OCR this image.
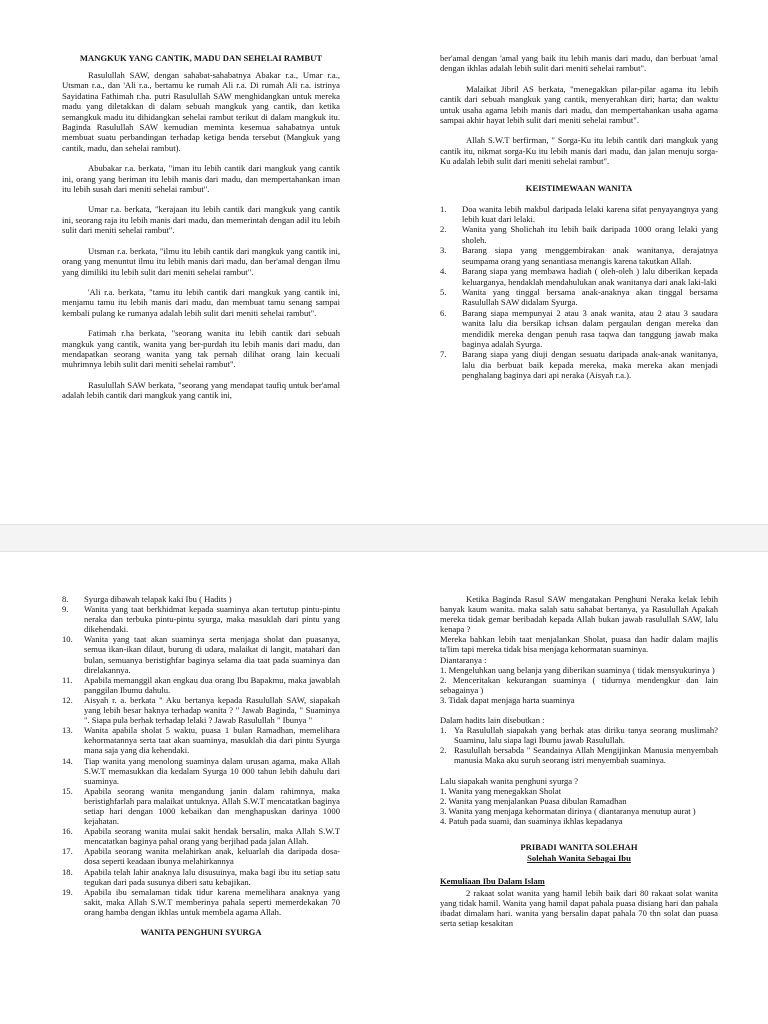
MANGKUK YANG CANTIK, MADU DAN SEHELAI RAMBUT

Rasulullah SAW, dengan sahabat-sahabatnya Abakar r.a., Umar r.a., Utsman r.a., dan 'Ali r.a., bertamu ke rumah Ali r.a. Di rumah Ali r.a. istrinya Sayidatina Fathimah r.ha. putri Rasulullah SAW menghidangkan untuk mereka madu yang diletakkan di dalam sebuah mangkuk yang cantik, dan ketika semangkuk madu itu dihidangkan sehelai rambut terikut di dalam mangkuk itu. Baginda Rasulullah SAW kemudian meminta kesemua sahabatnya untuk membuat suatu perbandingan terhadap ketiga benda tersebut (Mangkuk yang cantik, madu, dan sehelai rambut).

Abubakar r.a. berkata, "iman itu lebih cantik dari mangkuk yang cantik ini, orang yang beriman itu lebih manis dari madu, dan mempertahankan iman itu lebih susah dari meniti sehelai rambut".

Umar r.a. berkata, "kerajaan itu lebih cantik dari mangkuk yang cantik ini, seorang raja itu lebih manis dari madu, dan memerintah dengan adil itu lebih sulit dari meniti sehelai rambut".

Utsman r.a. berkata, "ilmu itu lebih cantik dari mangkuk yang cantik ini, orang yang menuntut ilmu itu lebih manis dari madu, dan ber'amal dengan ilmu yang dimiliki itu lebih sulit dari meniti sehelai rambut".

'Ali r.a. berkata, "tamu itu lebih cantik dari mangkuk yang cantik ini, menjamu tamu itu lebih manis dari madu, dan membuat tamu senang sampai kembali pulang ke rumanya adalah lebih sulit dari meniti sehelai rambut".

Fatimah r.ha berkata, "seorang wanita itu lebih cantik dari sebuah mangkuk yang cantik, wanita yang ber-purdah itu lebih manis dari madu, dan mendapatkan seorang wanita yang tak pernah dilihat orang lain kecuali muhrimnya lebih sulit dari meniti sehelai rambut".

Rasulullah SAW berkata, "seorang yang mendapat taufiq untuk ber'amal adalah lebih cantik dari mangkuk yang cantik ini,

ber'amal dengan 'amal yang baik itu lebih manis dari madu, dan berbuat 'amal dengan ikhlas adalah lebih sulit dari meniti sehelai rambut".

Malaikat Jibril AS berkata, "menegakkan pilar-pilar agama itu lebih cantik dari sebuah mangkuk yang cantik, menyerahkan diri; harta; dan waktu untuk usaha agama lebih manis dari madu, dan mempertahankan usaha agama sampai akhir hayat lebih sulit dari meniti sehelai rambut".

Allah S.W.T berfirman, " Sorga-Ku itu lebih cantik dari mangkuk yang cantik itu, nikmat sorga-Ku itu lebih manis dari madu, dan jalan menuju sorga-Ku adalah lebih sulit dari meniti sehelai rambut".

KEISTIMEWAAN WANITA
1. Doa wanita lebih makbul daripada lelaki karena sifat penyayangnya yang lebih kuat dari lelaki.
2. Wanita yang Sholichah itu lebih baik daripada 1000 orang lelaki yang sholeh.
3. Barang siapa yang menggembirakan anak wanitanya, derajatnya seumpama orang yang senantiasa menangis karena takutkan Allah.
4. Barang siapa yang membawa hadiah ( oleh-oleh ) lalu diberikan kepada keluarganya, hendaklah mendahulukan anak wanitanya dari anak laki-laki
5. Wanita yang tinggal bersama anak-anaknya akan tinggal bersama Rasulullah SAW didalam Syurga.
6. Barang siapa mempunyai 2 atau 3 anak wanita, atau 2 atau 3 saudara wanita lalu dia bersikap ichsan dalam pergaulan dengan mereka dan mendidik mereka dengan penuh rasa taqwa dan tanggung jawab maka baginya adalah Syurga.
7. Barang siapa yang diuji dengan sesuatu daripada anak-anak wanitanya, lalu dia berbuat baik kepada mereka, maka mereka akan menjadi penghalang baginya dari api neraka (Aisyah r.a.).
8. Syurga dibawah telapak kaki Ibu ( Hadits )
9. Wanita yang taat berkhidmat kepada suaminya akan tertutup pintu-pintu neraka dan terbuka pintu-pintu syurga, maka masuklah dari pintu yang dikehendaki.
10. Wanita yang taat akan suaminya serta menjaga sholat dan puasanya, semua ikan-ikan dilaut, burung di udara, malaikat di langit, matahari dan bulan, semuanya beristighfar baginya selama dia taat pada suaminya dan direlakannya.
11. Apabila memanggil akan engkau dua orang Ibu Bapakmu, maka jawablah panggilan Ibumu dahulu.
12. Aisyah r. a. berkata " Aku bertanya kepada Rasulullah SAW, siapakah yang lebih besar haknya terhadap wanita ? " Jawab Baginda, " Suaminya ". Siapa pula berhak terhadap lelaki ? Jawab Rasulullah " Ibunya "
13. Wanita apabila sholat 5 waktu, puasa 1 bulan Ramadhan, memelihara kehormatannya serta taat akan suaminya, masuklah dia dari pintu Syurga mana saja yang dia kehendaki.
14. Tiap wanita yang menolong suaminya dalam urusan agama, maka Allah S.W.T memasukkan dia kedalam Syurga 10 000 tahun lebih dahulu dari suaminya.
15. Apabila seorang wanita mengandung janin dalam rahimnya, maka beristighfarlah para malaikat untuknya. Allah S.W.T mencatatkan baginya setiap hari dengan 1000 kebaikan dan menghapuskan darinya 1000 kejahatan.
16. Apabila seorang wanita mulai sakit hendak bersalin, maka Allah S.W.T mencatatkan baginya pahal orang yang berjihad pada jalan Allah.
17. Apabila seorang wanita melahirkan anak, keluarlah dia daripada dosa-dosa seperti keadaan ibunya melahirkannya
18. Apabila telah lahir anaknya lalu disusuinya, maka bagi ibu itu setiap satu tegukan dari pada susunya diberi satu kebajikan.
19. Apabila ibu semalaman tidak tidur karena memelihara anaknya yang sakit, maka Allah S.W.T memberinya pahala seperti memerdekakan 70 orang hamba dengan ikhlas untuk membela agama Allah.
WANITA PENGHUNI SYURGA

Ketika Baginda Rasul SAW mengatakan Penghuni Neraka kelak lebih banyak kaum wanita. maka salah satu sahabat bertanya, ya Rasulullah Apakah mereka tidak gemar beribadah kepada Allah bukan jawab rasulullah SAW, lalu kenapa ?

Mereka bahkan lebih taat menjalankan Sholat, puasa dan hadir dalam majlis ta'lim tapi mereka tidak bisa menjaga kehormatan suaminya.

Diantaranya :
1. Mengeluhkan uang belanja yang diberikan suaminya ( tidak mensyukurinya )
2. Menceritakan kekurangan suaminya ( tidurnya mendengkur dan lain sebagainya )
3. Tidak dapat menjaga harta suaminya
Dalam hadits lain disebutkan :
1. Ya Rasulullah siapakah yang berhak atas diriku tanya seorang muslimah? Suaminu, lalu siapa lagi Ibumu jawab Rasulullah.
2. Rasulullah bersabda " Seandainya Allah Mengijinkan Manusia menyembah manusia Maka aku suruh seorang istri menyembah suaminya.
Lalu siapakah wanita penghuni syurga ?
1. Wanita yang menegakkan Sholat
2. Wanita yang menjalankan Puasa dibulan Ramadhan
3. Wanita yang menjaga kehormatan dirinya ( diantaranya menutup aurat )
4. Patuh pada suami, dan suaminya ikhlas kepadanya
PRIBADI WANITA SOLEHAH
Solehah Wanita Sebagai Ibu
Kemuliaan Ibu Dalam Islam

2 rakaat solat wanita yang hamil lebih baik dari 80 rakaat solat wanita yang tidak hamil. Wanita yang hamil dapat pahala puasa disiang hari dan pahala ibadat dimalam hari. wanita yang bersalin dapat pahala 70 thn solat dan puasa serta setiap kesakitan
